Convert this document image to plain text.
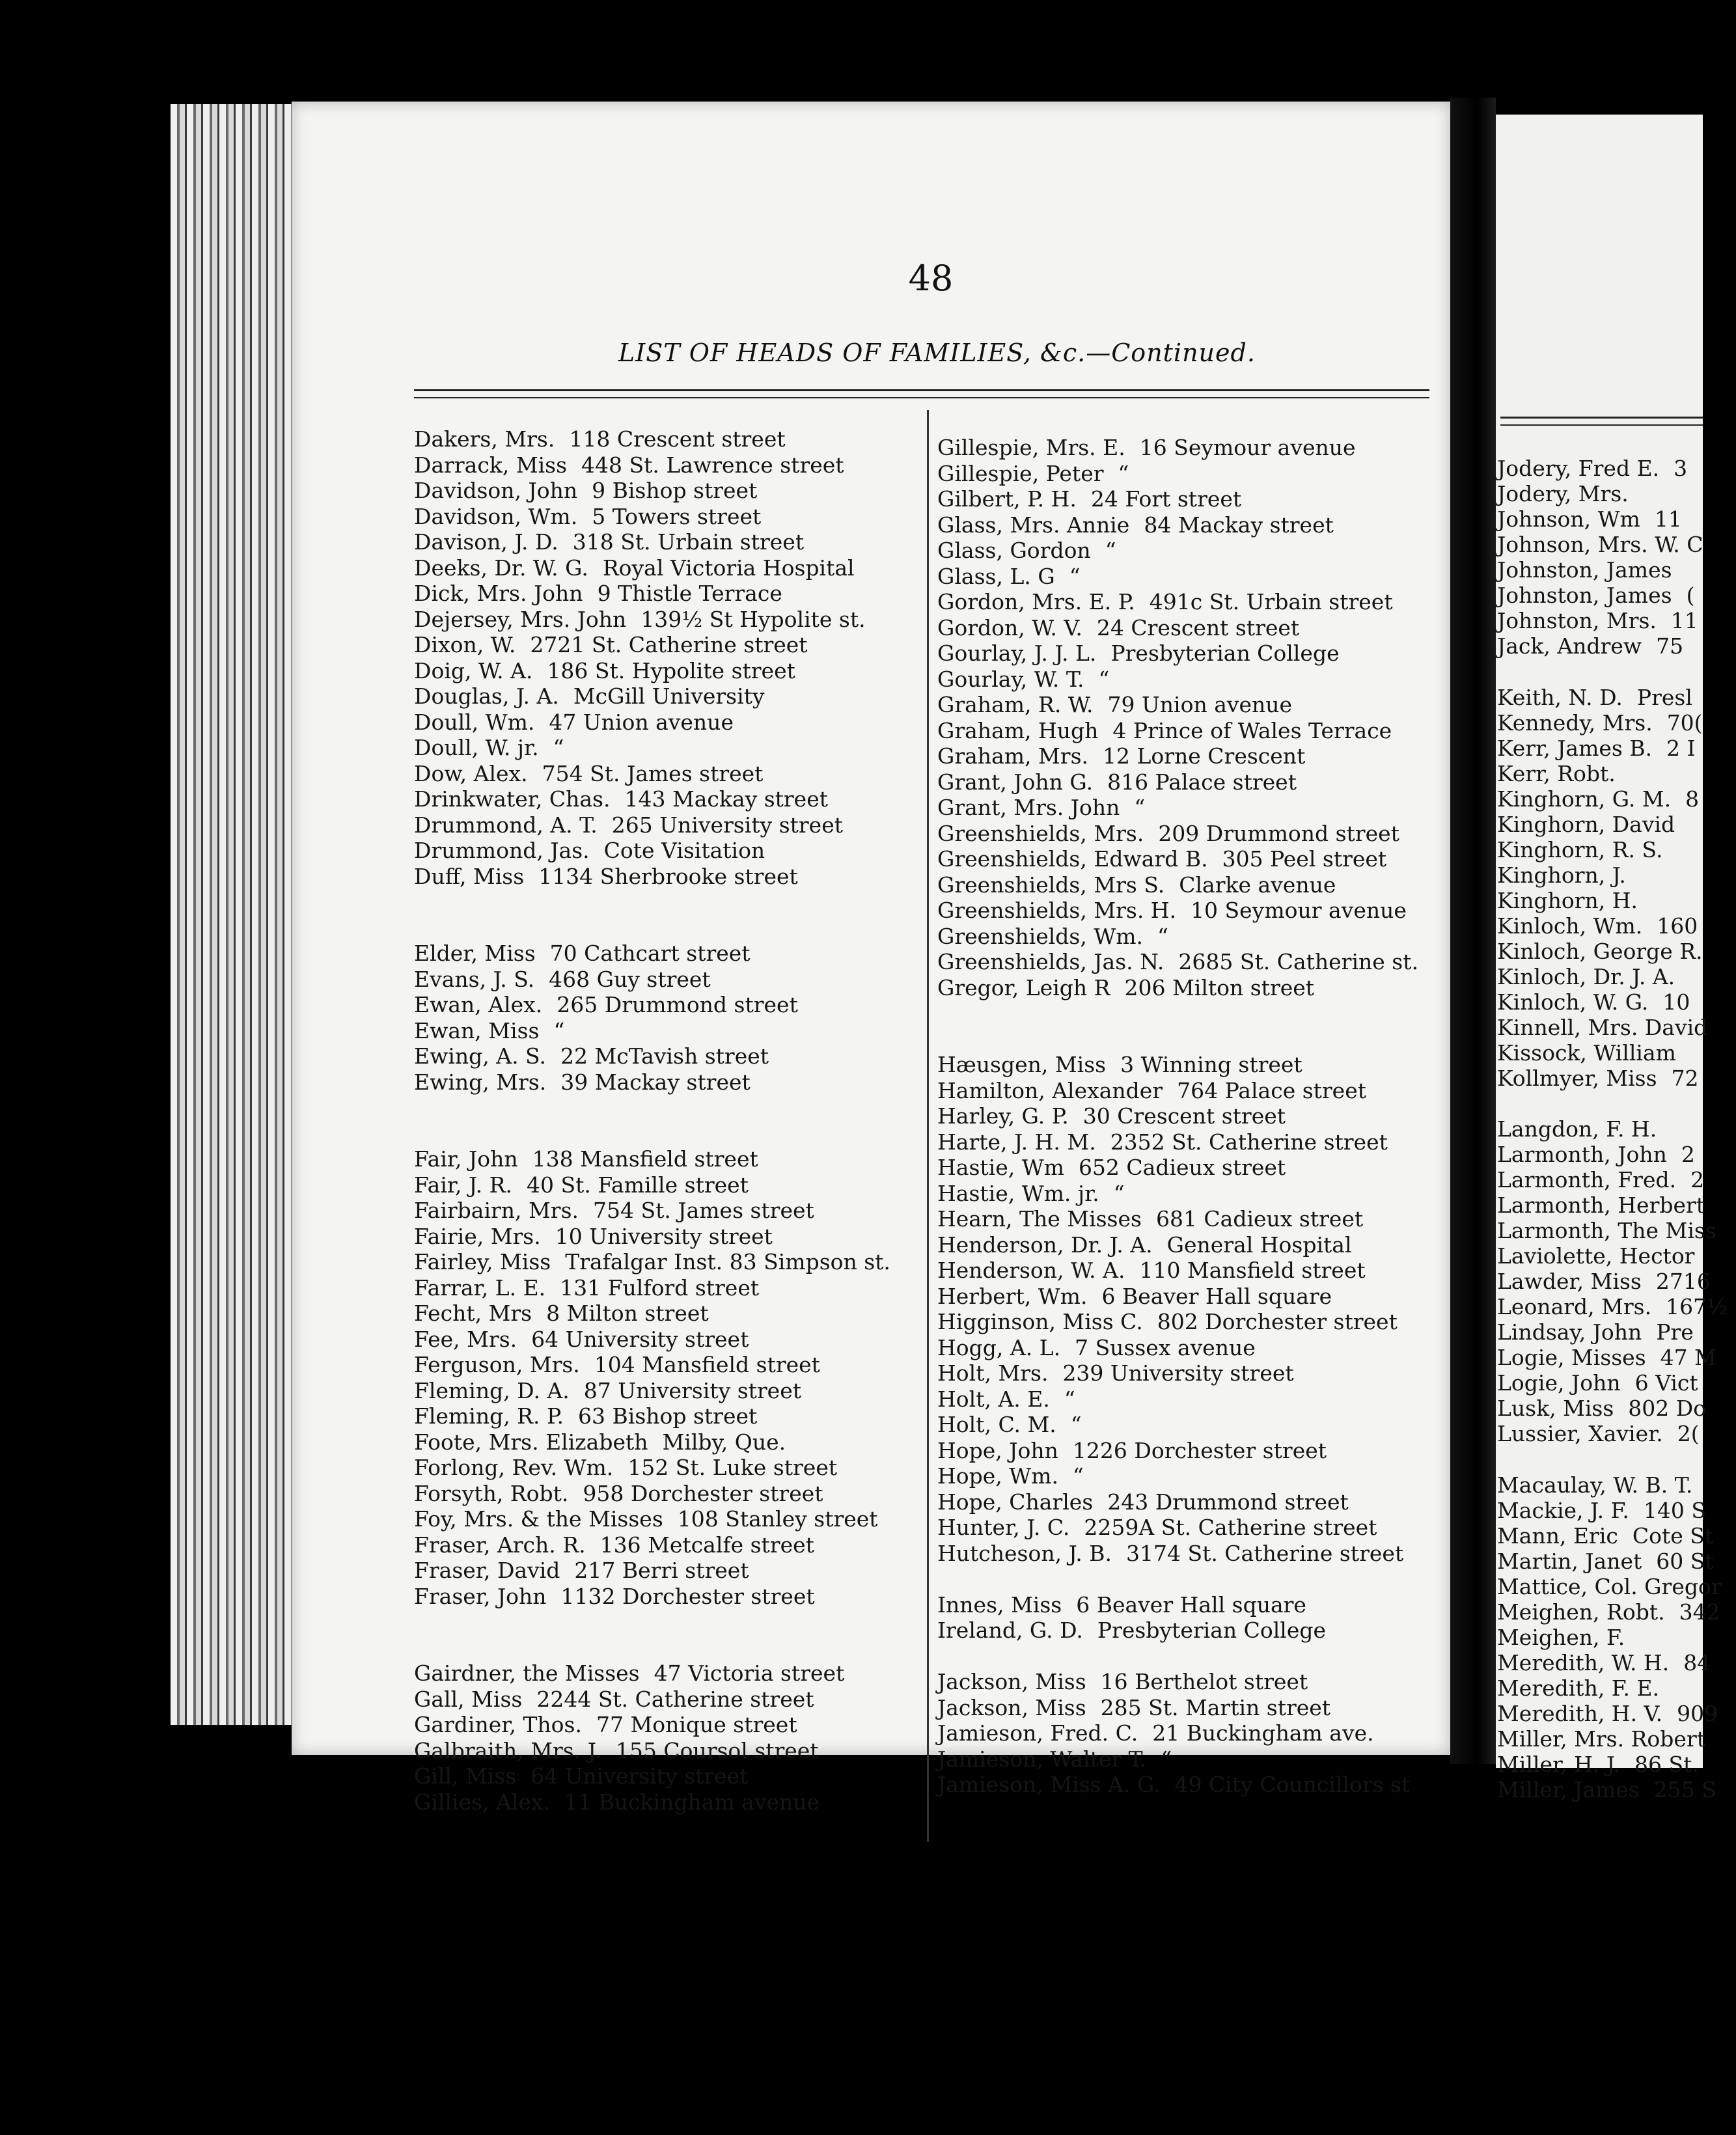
48
LIST OF HEADS OF FAMILIES, &c.—Continued.
Dakers, Mrs. 118 Crescent street
Darrack, Miss 448 St. Lawrence street
Davidson, John 9 Bishop street
Davidson, Wm. 5 Towers street
Davison, J. D. 318 St. Urbain street
Deeks, Dr. W. G. Royal Victoria Hospital
Dick, Mrs. John 9 Thistle Terrace
Dejersey, Mrs. John 139½ St Hypolite st.
Dixon, W. 2721 St. Catherine street
Doig, W. A. 186 St. Hypolite street
Douglas, J. A. McGill University
Doull, Wm. 47 Union avenue
Doull, W. jr. “
Dow, Alex. 754 St. James street
Drinkwater, Chas. 143 Mackay street
Drummond, A. T. 265 University street
Drummond, Jas. Cote Visitation
Duff, Miss 1134 Sherbrooke street
Elder, Miss 70 Cathcart street
Evans, J. S. 468 Guy street
Ewan, Alex. 265 Drummond street
Ewan, Miss “
Ewing, A. S. 22 McTavish street
Ewing, Mrs. 39 Mackay street
Fair, John 138 Mansfield street
Fair, J. R. 40 St. Famille street
Fairbairn, Mrs. 754 St. James street
Fairie, Mrs. 10 University street
Fairley, Miss Trafalgar Inst. 83 Simpson st.
Farrar, L. E. 131 Fulford street
Fecht, Mrs 8 Milton street
Fee, Mrs. 64 University street
Ferguson, Mrs. 104 Mansfield street
Fleming, D. A. 87 University street
Fleming, R. P. 63 Bishop street
Foote, Mrs. Elizabeth Milby, Que.
Forlong, Rev. Wm. 152 St. Luke street
Forsyth, Robt. 958 Dorchester street
Foy, Mrs. & the Misses 108 Stanley street
Fraser, Arch. R. 136 Metcalfe street
Fraser, David 217 Berri street
Fraser, John 1132 Dorchester street
Gairdner, the Misses 47 Victoria street
Gall, Miss 2244 St. Catherine street
Gardiner, Thos. 77 Monique street
Galbraith, Mrs. J. 155 Coursol street
Gill, Miss 64 University street
Gillies, Alex. 11 Buckingham avenue
Gillespie, Mrs. E. 16 Seymour avenue
Gillespie, Peter “
Gilbert, P. H. 24 Fort street
Glass, Mrs. Annie 84 Mackay street
Glass, Gordon “
Glass, L. G “
Gordon, Mrs. E. P. 491c St. Urbain street
Gordon, W. V. 24 Crescent street
Gourlay, J. J. L. Presbyterian College
Gourlay, W. T. “
Graham, R. W. 79 Union avenue
Graham, Hugh 4 Prince of Wales Terrace
Graham, Mrs. 12 Lorne Crescent
Grant, John G. 816 Palace street
Grant, Mrs. John “
Greenshields, Mrs. 209 Drummond street
Greenshields, Edward B. 305 Peel street
Greenshields, Mrs S. Clarke avenue
Greenshields, Mrs. H. 10 Seymour avenue
Greenshields, Wm. “
Greenshields, Jas. N. 2685 St. Catherine st.
Gregor, Leigh R 206 Milton street
Hæusgen, Miss 3 Winning street
Hamilton, Alexander 764 Palace street
Harley, G. P. 30 Crescent street
Harte, J. H. M. 2352 St. Catherine street
Hastie, Wm 652 Cadieux street
Hastie, Wm. jr. “
Hearn, The Misses 681 Cadieux street
Henderson, Dr. J. A. General Hospital
Henderson, W. A. 110 Mansfield street
Herbert, Wm. 6 Beaver Hall square
Higginson, Miss C. 802 Dorchester street
Hogg, A. L. 7 Sussex avenue
Holt, Mrs. 239 University street
Holt, A. E. “
Holt, C. M. “
Hope, John 1226 Dorchester street
Hope, Wm. “
Hope, Charles 243 Drummond street
Hunter, J. C. 2259A St. Catherine street
Hutcheson, J. B. 3174 St. Catherine street
Innes, Miss 6 Beaver Hall square
Ireland, G. D. Presbyterian College
Jackson, Miss 16 Berthelot street
Jackson, Miss 285 St. Martin street
Jamieson, Fred. C. 21 Buckingham ave.
Jamieson, Walter T. “
Jamieson, Miss A. G. 49 City Councillors st
Jodery, Fred E. 3
Jodery, Mrs.
Johnson, Wm 11
Johnson, Mrs. W. C
Johnston, James
Johnston, James (
Johnston, Mrs. 11
Jack, Andrew 75
Keith, N. D. Presl
Kennedy, Mrs. 70(
Kerr, James B. 2 I
Kerr, Robt.
Kinghorn, G. M. 8
Kinghorn, David
Kinghorn, R. S.
Kinghorn, J.
Kinghorn, H.
Kinloch, Wm. 160
Kinloch, George R.
Kinloch, Dr. J. A.
Kinloch, W. G. 10
Kinnell, Mrs. David
Kissock, William
Kollmyer, Miss 72
Langdon, F. H.
Larmonth, John 2
Larmonth, Fred. 2
Larmonth, Herbert
Larmonth, The Miss
Laviolette, Hector
Lawder, Miss 2716
Leonard, Mrs. 167½
Lindsay, John Pre
Logie, Misses 47 M
Logie, John 6 Vict
Lusk, Miss 802 Do
Lussier, Xavier. 2(
Macaulay, W. B. T.
Mackie, J. F. 140 S
Mann, Eric Cote St
Martin, Janet 60 St
Mattice, Col. Gregor
Meighen, Robt. 342
Meighen, F.
Meredith, W. H. 84
Meredith, F. E.
Meredith, H. V. 909
Miller, Mrs. Robert
Miller, H. J. 86 St.
Miller, James 255 S
